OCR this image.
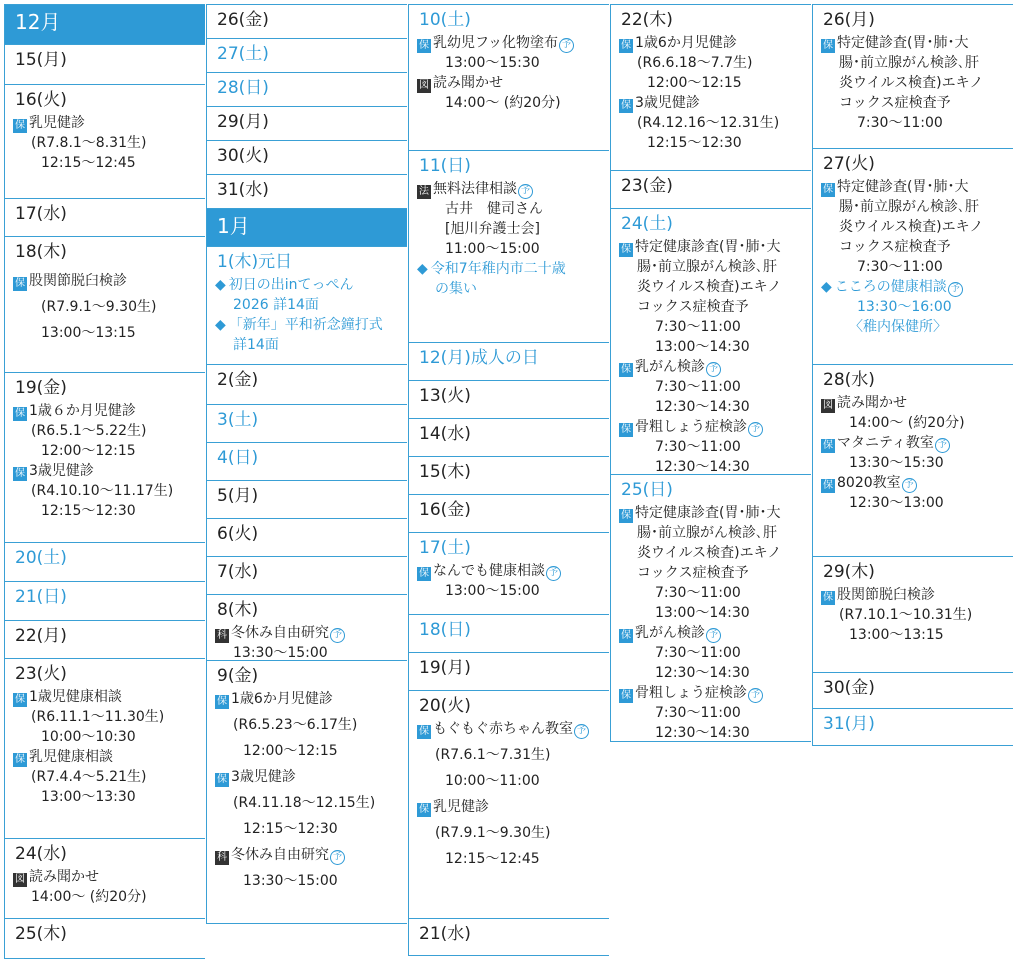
12月
15(月)
16(火)
保 乳児健診
(R7.8.1～8.31生)
12:15～12:45
17(水)
18(木)
保 股関節脱臼検診
(R7.9.1～9.30生)
13:00～13:15
19(金)
保 1歳６か月児健診
(R6.5.1～5.22生)
12:00～12:15
保 3歳児健診
(R4.10.10～11.17生)
12:15～12:30
20(土)
21(日)
22(月)
23(火)
保 1歳児健康相談
(R6.11.1～11.30生)
10:00～10:30
保 乳児健康相談
(R7.4.4～5.21生)
13:00～13:30
24(水)
図 読み聞かせ
14:00～ (約20分)
25(木)
26(金)
27(土)
28(日)
29(月)
30(火)
31(水)
1月
1(木)元日
◆ 初日の出inてっぺん
2026 詳14面
◆ 「新年」平和祈念鐘打式
詳14面
2(金)
3(土)
4(日)
5(月)
6(火)
7(水)
8(木)
科 冬休み自由研究 予
13:30～15:00
9(金)
保 1歳6か月児健診
(R6.5.23～6.17生)
12:00～12:15
保 3歳児健診
(R4.11.18～12.15生)
12:15～12:30
科 冬休み自由研究 予
13:30～15:00
10(土)
保 乳幼児フッ化物塗布 予
13:00～15:30
図 読み聞かせ
14:00～ (約20分)
11(日)
法 無料法律相談 予
古井　健司さん
[旭川弁護士会]
11:00～15:00
◆ 令和7年稚内市二十歳
の集い
12(月)成人の日
13(火)
14(水)
15(木)
16(金)
17(土)
保 なんでも健康相談 予
13:00～15:00
18(日)
19(月)
20(火)
保 もぐもぐ赤ちゃん教室 予
(R7.6.1～7.31生)
10:00～11:00
保 乳児健診
(R7.9.1～9.30生)
12:15～12:45
21(水)
22(木)
保 1歳6か月児健診
(R6.6.18～7.7生)
12:00～12:15
保 3歳児健診
(R4.12.16～12.31生)
12:15～12:30
23(金)
24(土)
保 特定健康診査(胃･肺･大
腸･前立腺がん検診､肝
炎ウイルス検査)エキノ
コックス症検査予
7:30～11:00
13:00～14:30
保 乳がん検診 予
7:30～11:00
12:30～14:30
保 骨粗しょう症検診 予
7:30～11:00
12:30～14:30
25(日)
保 特定健康診査(胃･肺･大
腸･前立腺がん検診､肝
炎ウイルス検査)エキノ
コックス症検査予
7:30～11:00
13:00～14:30
保 乳がん検診 予
7:30～11:00
12:30～14:30
保 骨粗しょう症検診 予
7:30～11:00
12:30～14:30
26(月)
保 特定健診査(胃･肺･大
腸･前立腺がん検診､肝
炎ウイルス検査)エキノ
コックス症検査予
7:30～11:00
27(火)
保 特定健診査(胃･肺･大
腸･前立腺がん検診､肝
炎ウイルス検査)エキノ
コックス症検査予
7:30～11:00
◆ こころの健康相談 予
13:30～16:00
〈稚内保健所〉
28(水)
図 読み聞かせ
14:00～ (約20分)
保 マタニティ教室 予
13:30～15:30
保 8020教室 予
12:30～13:00
29(木)
保 股関節脱臼検診
(R7.10.1～10.31生)
13:00～13:15
30(金)
31(月)
